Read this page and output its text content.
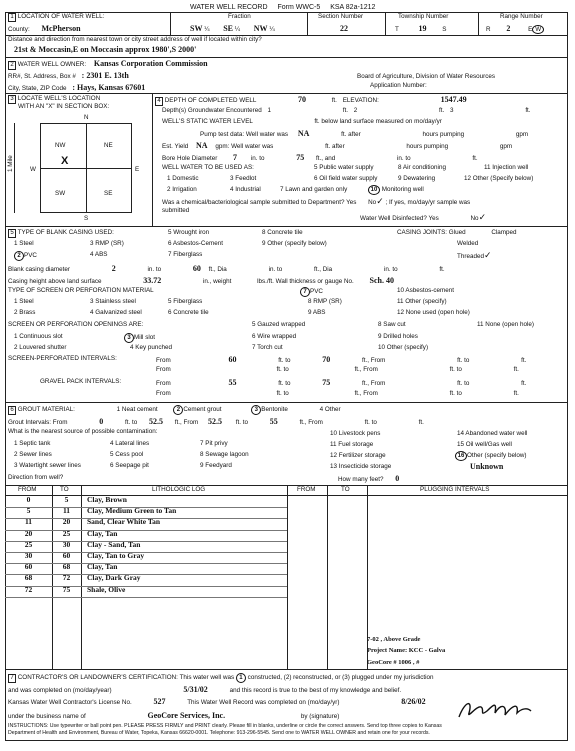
WATER WELL RECORD Form WWC-5 KSA 82a-1212
1 LOCATION OF WATER WELL:
County: McPherson
Fraction
SW ¼ SE ¼ NW ¼
Section Number
22
Township Number
T 19	S
Range Number
R 2	E W
Distance and direction from nearest town or city street address of well if located within city?
21st & Moccasin,E on Moccasin approx 1980',S 2000'
2 WATER WELL OWNER: Kansas Corporation Commission
RR#, St. Address, Box # : 2301 E. 13th
City, State, ZIP Code : Hays, Kansas 67601
Board of Agriculture, Division of Water Resources
Application Number:
3 LOCATE WELL'S LOCATION
WITH AN "X" IN SECTION BOX:
N
S
W	E
1 Mile
NW	NE
SW	SE
X
4 DEPTH OF COMPLETED WELL	70	ft. ELEVATION:	1547.49
Depth(s) Groundwater Encountered 1	ft. 2	ft. 3	ft.
WELL'S STATIC WATER LEVEL	ft. below land surface measured on mo/day/yr
Pump test data: Well water was NA	ft. after	hours pumping	gpm
Est. Yield NA gpm: Well water was	ft. after	hours pumping	gpm
Bore Hole Diameter 7 in. to	75 ft., and	in. to	ft.
WELL WATER TO BE USED AS:
1 Domestic	3 Feedlot
5 Public water supply
6 Oil field water supply
8 Air conditioning	11 Injection well
2 Irrigation	4 Industrial	7 Lawn and garden only
9 Dewatering
10 Monitoring well
12 Other (Specify below)
Was a chemical/bacteriological sample submitted to Department? Yes No✓ ; If yes, mo/day/yr sample was
submitted
Water Well Disinfected? Yes	No✓
5 TYPE OF BLANK CASING USED:
1 Steel	3 RMP (SR)
5 Wrought iron	8 Concrete tile
2 PVC	4 ABS
6 Asbestos-Cement	9 Other (specify below)
7 Fiberglass
CASING JOINTS: Glued	Clamped
Welded
Threaded✓
Blank casing diameter	2	in. to	60 ft., Dia	in. to	ft., Dia	in. to	ft.
Casing height above land surface	33.72	in., weight	lbs./ft. Wall thickness or gauge No. Sch. 40
TYPE OF SCREEN OR PERFORATION MATERIAL
1 Steel	3 Stainless steel	5 Fiberglass
7 PVC	10 Asbestos-cement
2 Brass	4 Galvanized steel	6 Concrete tile
8 RMP (SR)
9 ABS
11 Other (specify)
12 None used (open hole)
SCREEN OR PERFORATION OPENINGS ARE:	5 Gauzed wrapped	8 Saw cut	11 None (open hole)
1 Continuous slot	3 Mill slot	6 Wire wrapped	9 Drilled holes
2 Louvered shutter	4 Key punched	7 Torch cut	10 Other (specify)
SCREEN-PERFORATED INTERVALS:	From	60	ft. to	70	ft., From	ft. to	ft.
From	ft. to	ft., From	ft. to	ft.
GRAVEL PACK INTERVALS:	From	55	ft. to	75	ft., From	ft. to	ft.
From	ft. to	ft., From	ft. to	ft.
6 GROUT MATERIAL:	1 Neat cement	2 Cement grout	3 Bentonite	4 Other
Grout Intervals: From	0	ft. to 52.5 ft., From 52.5 ft. to	55	ft., From	ft. to	ft.
What is the nearest source of possible contamination:
1 Septic tank	4 Lateral lines	7 Pit privy
10 Livestock pens	14 Abandoned water well
2 Sewer lines	5 Cess pool	8 Sewage lagoon
11 Fuel storage	15 Oil well/Gas well
3 Watertight sewer lines	6 Seepage pit	9 Feedyard
12 Fertilizer storage	16 Other (specify below)
13 Insecticide storage	Unknown
Direction from well?	How many feet? 0
FROM	TO	LITHOLOGIC LOG	FROM	TO	PLUGGING INTERVALS
0	5	Clay, Brown
5	11	Clay, Medium Green to Tan
11	20	Sand, Clear White Tan
20	25	Clay, Tan
25	30	Clay - Sand, Tan
30	60	Clay, Tan to Gray
60	68	Clay, Tan
68	72	Clay, Dark Gray
72	75	Shale, Olive
7-02 , Above Grade
Project Name: KCC - Galva
GeoCore # 1006 , #
7 CONTRACTOR'S OR LANDOWNER'S CERTIFICATION: This water well was 1 constructed, (2) reconstructed, or (3) plugged under my jurisdiction
and was completed on (mo/day/year)	5/31/02	and this record is true to the best of my knowledge and belief.
Kansas Water Well Contractor's License No.	527	This Water Well Record was completed on (mo/day/yr)	8/26/02
under the business name of	GeoCore Services, Inc.	by (signature)
INSTRUCTIONS: Use typewriter or ball point pen. PLEASE PRESS FIRMLY and PRINT clearly. Please fill in blanks, underline or circle the correct answers. Send top three copies to Kansas
Department of Health and Environment, Bureau of Water, Topeka, Kansas 66620-0001. Telephone: 913-296-5545. Send one to WATER WELL OWNER and retain one for your records.
